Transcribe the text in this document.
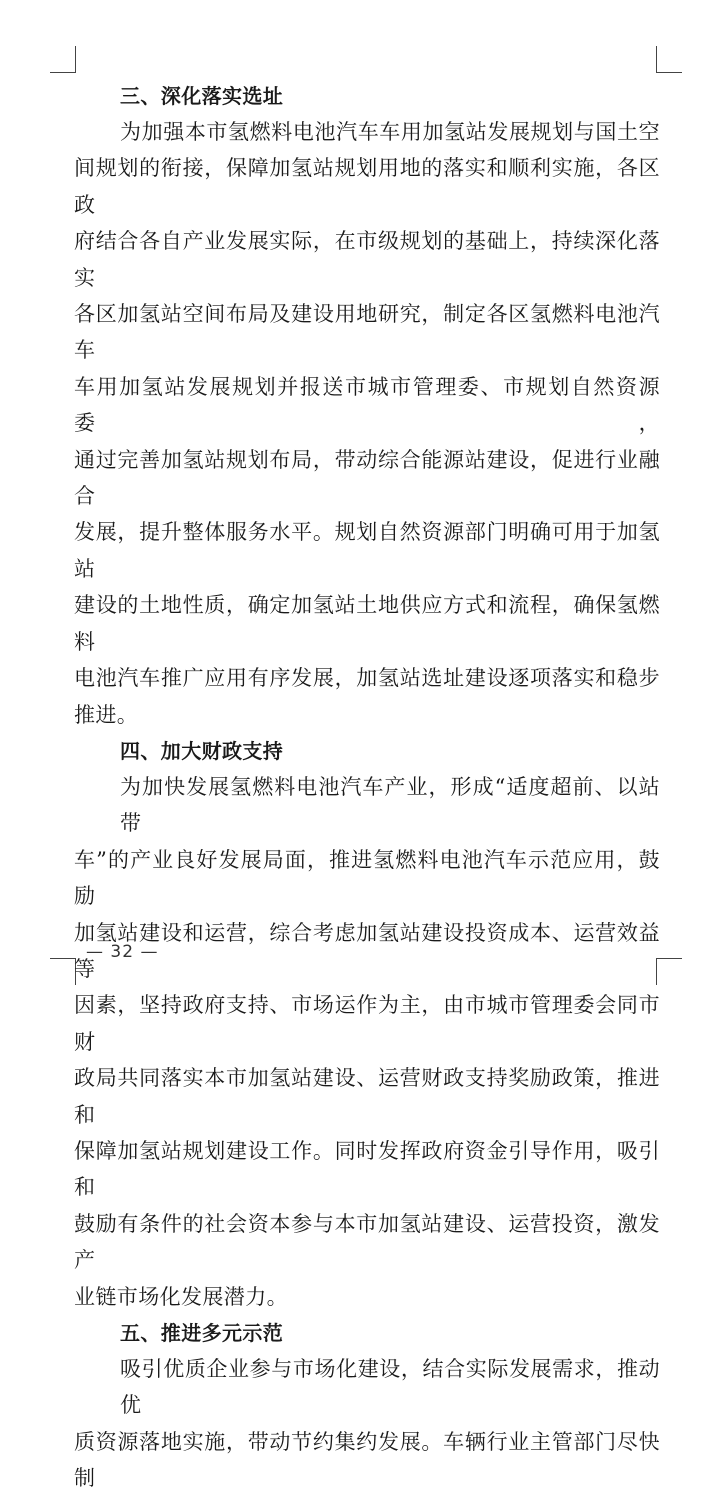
三、深化落实选址
为加强本市氢燃料电池汽车车用加氢站发展规划与国土空
间规划的衔接，保障加氢站规划用地的落实和顺利实施，各区政
府结合各自产业发展实际，在市级规划的基础上，持续深化落实
各区加氢站空间布局及建设用地研究，制定各区氢燃料电池汽车
车用加氢站发展规划并报送市城市管理委、市规划自然资源委，
通过完善加氢站规划布局，带动综合能源站建设，促进行业融合
发展，提升整体服务水平。规划自然资源部门明确可用于加氢站
建设的土地性质，确定加氢站土地供应方式和流程，确保氢燃料
电池汽车推广应用有序发展，加氢站选址建设逐项落实和稳步
推进。
四、加大财政支持
为加快发展氢燃料电池汽车产业，形成“适度超前、以站带
车”的产业良好发展局面，推进氢燃料电池汽车示范应用，鼓励
加氢站建设和运营，综合考虑加氢站建设投资成本、运营效益等
因素，坚持政府支持、市场运作为主，由市城市管理委会同市财
政局共同落实本市加氢站建设、运营财政支持奖励政策，推进和
保障加氢站规划建设工作。同时发挥政府资金引导作用，吸引和
鼓励有条件的社会资本参与本市加氢站建设、运营投资，激发产
业链市场化发展潜力。
五、推进多元示范
吸引优质企业参与市场化建设，结合实际发展需求，推动优
质资源落地实施，带动节约集约发展。车辆行业主管部门尽快制
— 32 —
